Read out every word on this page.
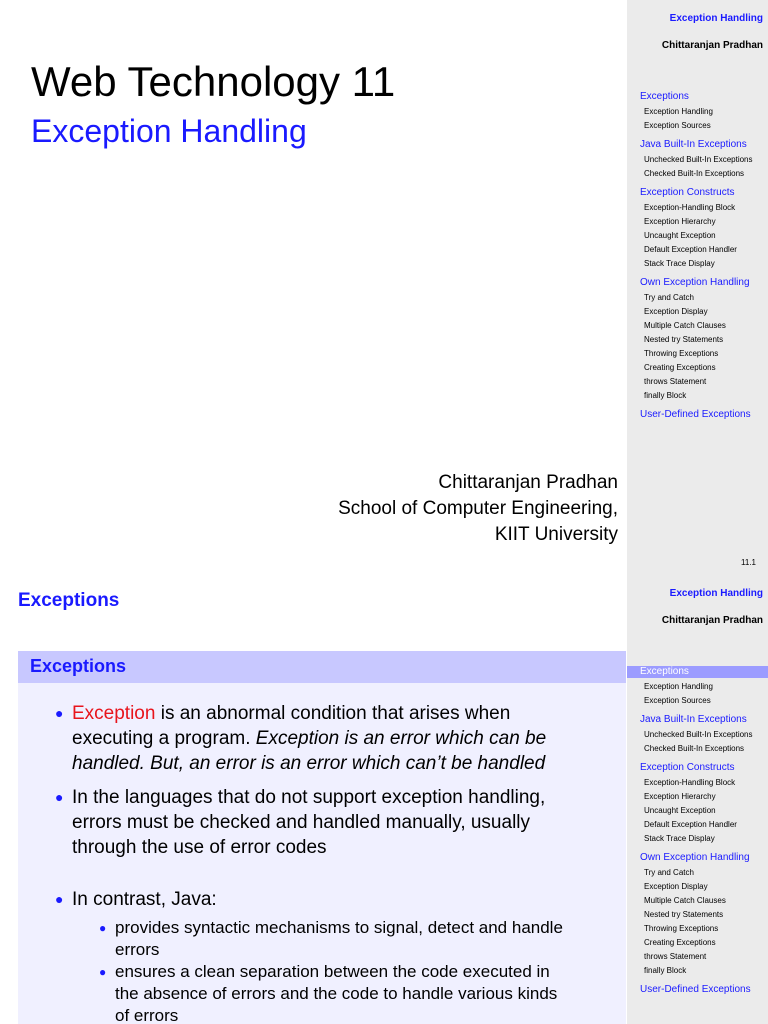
Web Technology 11
Exception Handling
Chittaranjan Pradhan
School of Computer Engineering,
KIIT University
Exception Handling
Chittaranjan Pradhan
Exceptions
Exception Handling
Exception Sources
Java Built-In Exceptions
Unchecked Built-In Exceptions
Checked Built-In Exceptions
Exception Constructs
Exception-Handling Block
Exception Hierarchy
Uncaught Exception
Default Exception Handler
Stack Trace Display
Own Exception Handling
Try and Catch
Exception Display
Multiple Catch Clauses
Nested try Statements
Throwing Exceptions
Creating Exceptions
throws Statement
finally Block
User-Defined Exceptions
11.1
Exceptions
Exceptions
● Exception is an abnormal condition that arises when
executing a program. Exception is an error which can be
handled. But, an error is an error which can’t be handled
● In the languages that do not support exception handling,
errors must be checked and handled manually, usually
through the use of error codes
● In contrast, Java:
● provides syntactic mechanisms to signal, detect and handle
errors
● ensures a clean separation between the code executed in
the absence of errors and the code to handle various kinds
of errors
Exception Handling
Chittaranjan Pradhan
Exceptions
Exception Handling
Exception Sources
Java Built-In Exceptions
Unchecked Built-In Exceptions
Checked Built-In Exceptions
Exception Constructs
Exception-Handling Block
Exception Hierarchy
Uncaught Exception
Default Exception Handler
Stack Trace Display
Own Exception Handling
Try and Catch
Exception Display
Multiple Catch Clauses
Nested try Statements
Throwing Exceptions
Creating Exceptions
throws Statement
finally Block
User-Defined Exceptions
